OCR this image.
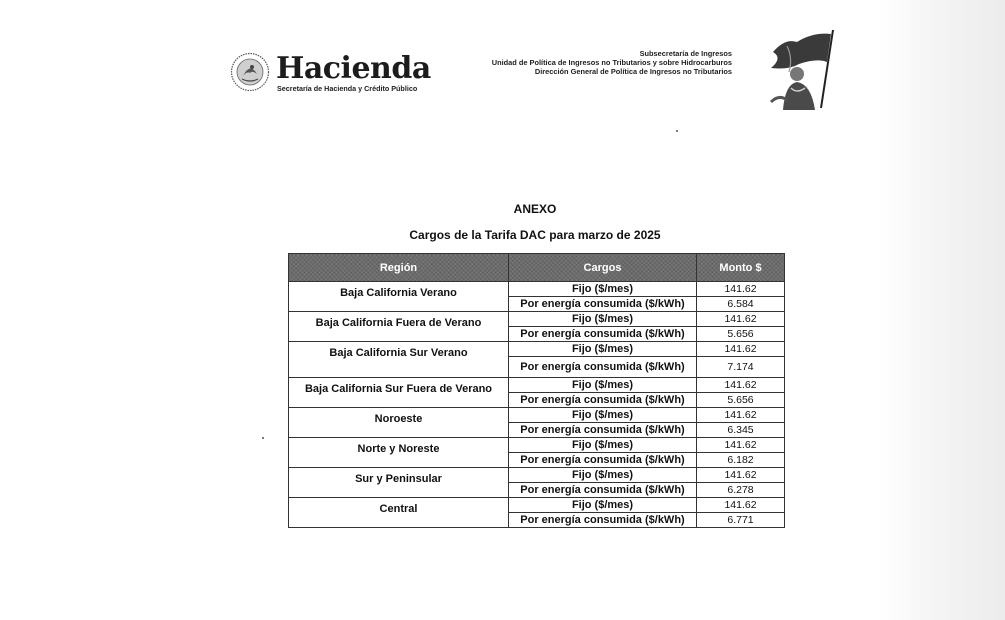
Hacienda
Secretaría de Hacienda y Crédito Público
Subsecretaría de Ingresos
Unidad de Política de Ingresos no Tributarios y sobre Hidrocarburos
Dirección General de Política de Ingresos no Tributarios
ANEXO
Cargos de la Tarifa DAC para marzo de 2025
Región	Cargos	Monto $
Baja California Verano	Fijo ($/mes)	141.62
	Por energía consumida ($/kWh)	6.584
Baja California Fuera de Verano	Fijo ($/mes)	141.62
	Por energía consumida ($/kWh)	5.656
Baja California Sur Verano	Fijo ($/mes)	141.62
	Por energía consumida ($/kWh)	7.174
Baja California Sur Fuera de Verano	Fijo ($/mes)	141.62
	Por energía consumida ($/kWh)	5.656
Noroeste	Fijo ($/mes)	141.62
	Por energía consumida ($/kWh)	6.345
Norte y Noreste	Fijo ($/mes)	141.62
	Por energía consumida ($/kWh)	6.182
Sur y Peninsular	Fijo ($/mes)	141.62
	Por energía consumida ($/kWh)	6.278
Central	Fijo ($/mes)	141.62
	Por energía consumida ($/kWh)	6.771
